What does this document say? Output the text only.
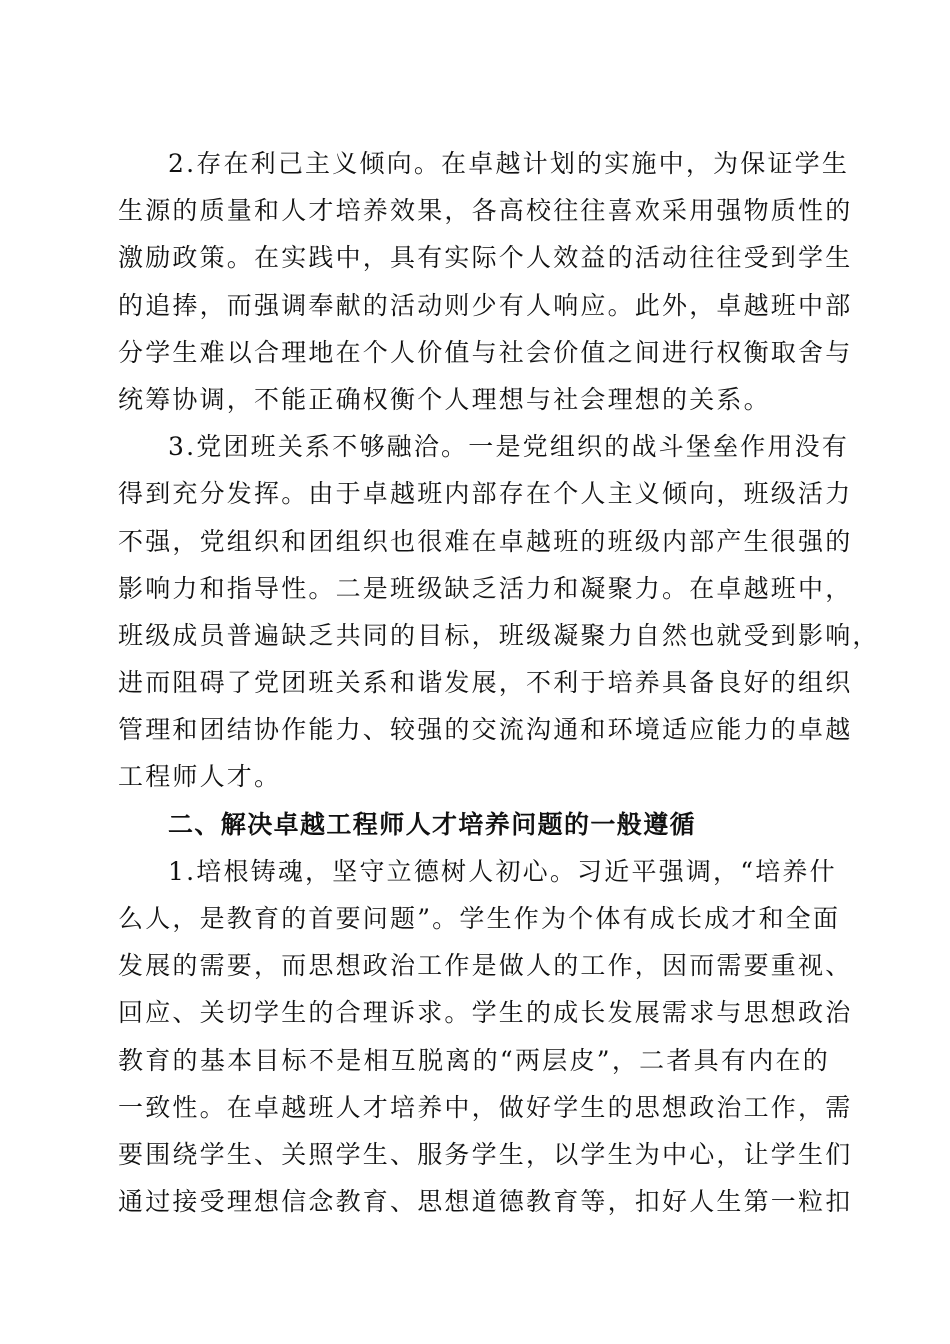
2.存在利己主义倾向。在卓越计划的实施中，为保证学生
生源的质量和人才培养效果，各高校往往喜欢采用强物质性的
激励政策。在实践中，具有实际个人效益的活动往往受到学生
的追捧，而强调奉献的活动则少有人响应。此外，卓越班中部
分学生难以合理地在个人价值与社会价值之间进行权衡取舍与
统筹协调，不能正确权衡个人理想与社会理想的关系。
3.党团班关系不够融洽。一是党组织的战斗堡垒作用没有
得到充分发挥。由于卓越班内部存在个人主义倾向，班级活力
不强，党组织和团组织也很难在卓越班的班级内部产生很强的
影响力和指导性。二是班级缺乏活力和凝聚力。在卓越班中，
班级成员普遍缺乏共同的目标，班级凝聚力自然也就受到影响，
进而阻碍了党团班关系和谐发展，不利于培养具备良好的组织
管理和团结协作能力、较强的交流沟通和环境适应能力的卓越
工程师人才。
二、解决卓越工程师人才培养问题的一般遵循
1.培根铸魂，坚守立德树人初心。习近平强调，“培养什
么人，是教育的首要问题”。学生作为个体有成长成才和全面
发展的需要，而思想政治工作是做人的工作，因而需要重视、
回应、关切学生的合理诉求。学生的成长发展需求与思想政治
教育的基本目标不是相互脱离的“两层皮”，二者具有内在的
一致性。在卓越班人才培养中，做好学生的思想政治工作，需
要围绕学生、关照学生、服务学生，以学生为中心，让学生们
通过接受理想信念教育、思想道德教育等，扣好人生第一粒扣
